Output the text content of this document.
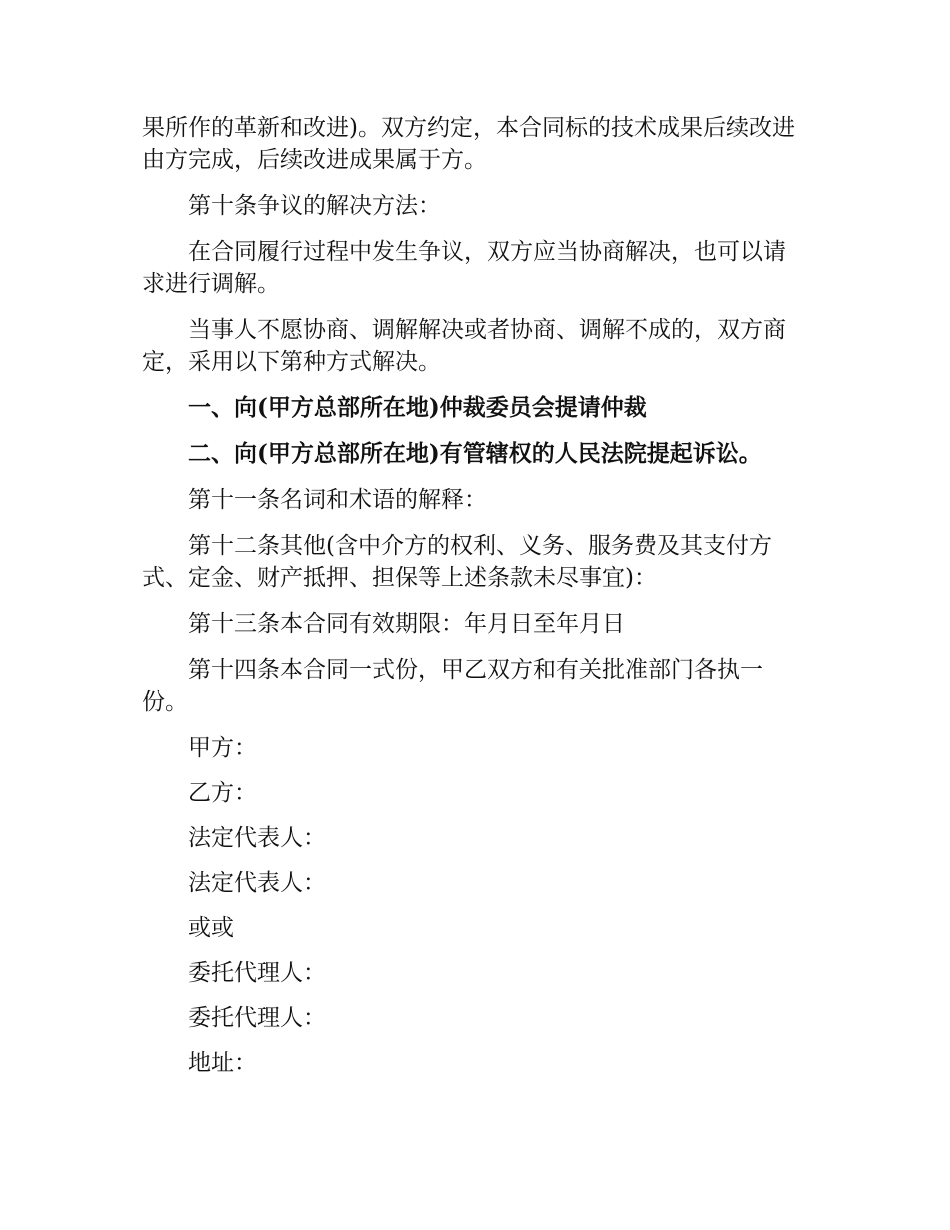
果所作的革新和改进)。双方约定，本合同标的技术成果后续改进由方完成，后续改进成果属于方。

第十条争议的解决方法：

在合同履行过程中发生争议，双方应当协商解决，也可以请求进行调解。

当事人不愿协商、调解解决或者协商、调解不成的，双方商定，采用以下第种方式解决。

一、向(甲方总部所在地)仲裁委员会提请仲裁

二、向(甲方总部所在地)有管辖权的人民法院提起诉讼。

第十一条名词和术语的解释：

第十二条其他(含中介方的权利、义务、服务费及其支付方式、定金、财产抵押、担保等上述条款未尽事宜)：

第十三条本合同有效期限：年月日至年月日

第十四条本合同一式份，甲乙双方和有关批准部门各执一份。

甲方：

乙方：

法定代表人：

法定代表人：

或或

委托代理人：

委托代理人：

地址：
